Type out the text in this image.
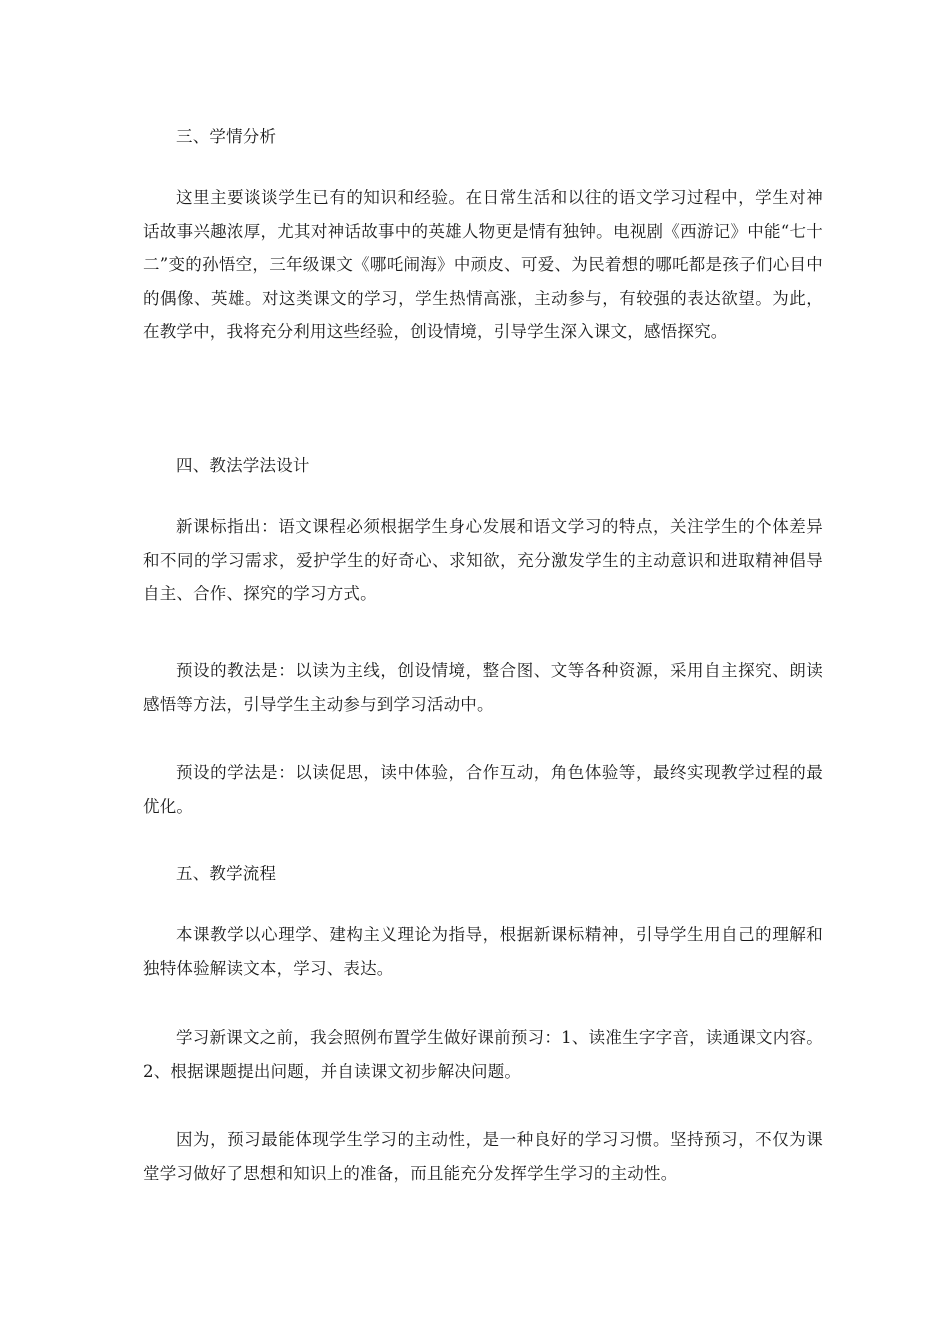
三、学情分析

这里主要谈谈学生已有的知识和经验。在日常生活和以往的语文学习过程中，学生对神话故事兴趣浓厚，尤其对神话故事中的英雄人物更是情有独钟。电视剧《西游记》中能“七十二”变的孙悟空，三年级课文《哪吒闹海》中顽皮、可爱、为民着想的哪吒都是孩子们心目中的偶像、英雄。对这类课文的学习，学生热情高涨，主动参与，有较强的表达欲望。为此，在教学中，我将充分利用这些经验，创设情境，引导学生深入课文，感悟探究。

四、教法学法设计

新课标指出：语文课程必须根据学生身心发展和语文学习的特点，关注学生的个体差异和不同的学习需求，爱护学生的好奇心、求知欲，充分激发学生的主动意识和进取精神倡导自主、合作、探究的学习方式。

预设的教法是：以读为主线，创设情境，整合图、文等各种资源，采用自主探究、朗读感悟等方法，引导学生主动参与到学习活动中。

预设的学法是：以读促思，读中体验，合作互动，角色体验等，最终实现教学过程的最优化。

五、教学流程

本课教学以心理学、建构主义理论为指导，根据新课标精神，引导学生用自己的理解和独特体验解读文本，学习、表达。

学习新课文之前，我会照例布置学生做好课前预习：1、读准生字字音，读通课文内容。2、根据课题提出问题，并自读课文初步解决问题。

因为，预习最能体现学生学习的主动性，是一种良好的学习习惯。坚持预习，不仅为课堂学习做好了思想和知识上的准备，而且能充分发挥学生学习的主动性。
